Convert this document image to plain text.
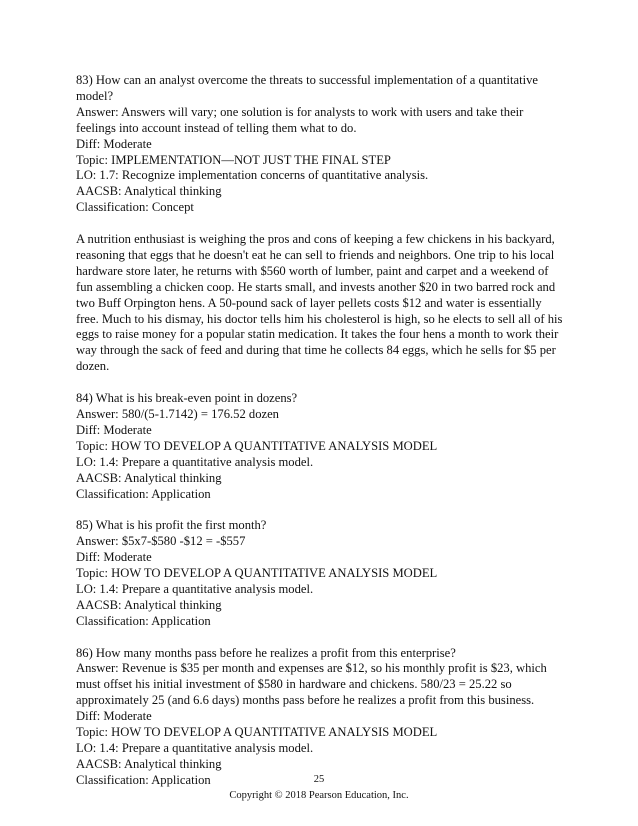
83) How can an analyst overcome the threats to successful implementation of a quantitative
model?
Answer: Answers will vary; one solution is for analysts to work with users and take their
feelings into account instead of telling them what to do.
Diff: Moderate
Topic: IMPLEMENTATION—NOT JUST THE FINAL STEP
LO: 1.7: Recognize implementation concerns of quantitative analysis.
AACSB: Analytical thinking
Classification: Concept
A nutrition enthusiast is weighing the pros and cons of keeping a few chickens in his backyard,
reasoning that eggs that he doesn't eat he can sell to friends and neighbors. One trip to his local
hardware store later, he returns with $560 worth of lumber, paint and carpet and a weekend of
fun assembling a chicken coop. He starts small, and invests another $20 in two barred rock and
two Buff Orpington hens. A 50-pound sack of layer pellets costs $12 and water is essentially
free. Much to his dismay, his doctor tells him his cholesterol is high, so he elects to sell all of his
eggs to raise money for a popular statin medication. It takes the four hens a month to work their
way through the sack of feed and during that time he collects 84 eggs, which he sells for $5 per
dozen.
84) What is his break-even point in dozens?
Answer: 580/(5-1.7142) = 176.52 dozen
Diff: Moderate
Topic: HOW TO DEVELOP A QUANTITATIVE ANALYSIS MODEL
LO: 1.4: Prepare a quantitative analysis model.
AACSB: Analytical thinking
Classification: Application
85) What is his profit the first month?
Answer: $5x7-$580 -$12 = -$557
Diff: Moderate
Topic: HOW TO DEVELOP A QUANTITATIVE ANALYSIS MODEL
LO: 1.4: Prepare a quantitative analysis model.
AACSB: Analytical thinking
Classification: Application
86) How many months pass before he realizes a profit from this enterprise?
Answer: Revenue is $35 per month and expenses are $12, so his monthly profit is $23, which
must offset his initial investment of $580 in hardware and chickens. 580/23 = 25.22 so
approximately 25 (and 6.6 days) months pass before he realizes a profit from this business.
Diff: Moderate
Topic: HOW TO DEVELOP A QUANTITATIVE ANALYSIS MODEL
LO: 1.4: Prepare a quantitative analysis model.
AACSB: Analytical thinking
Classification: Application	25
Copyright © 2018 Pearson Education, Inc.
